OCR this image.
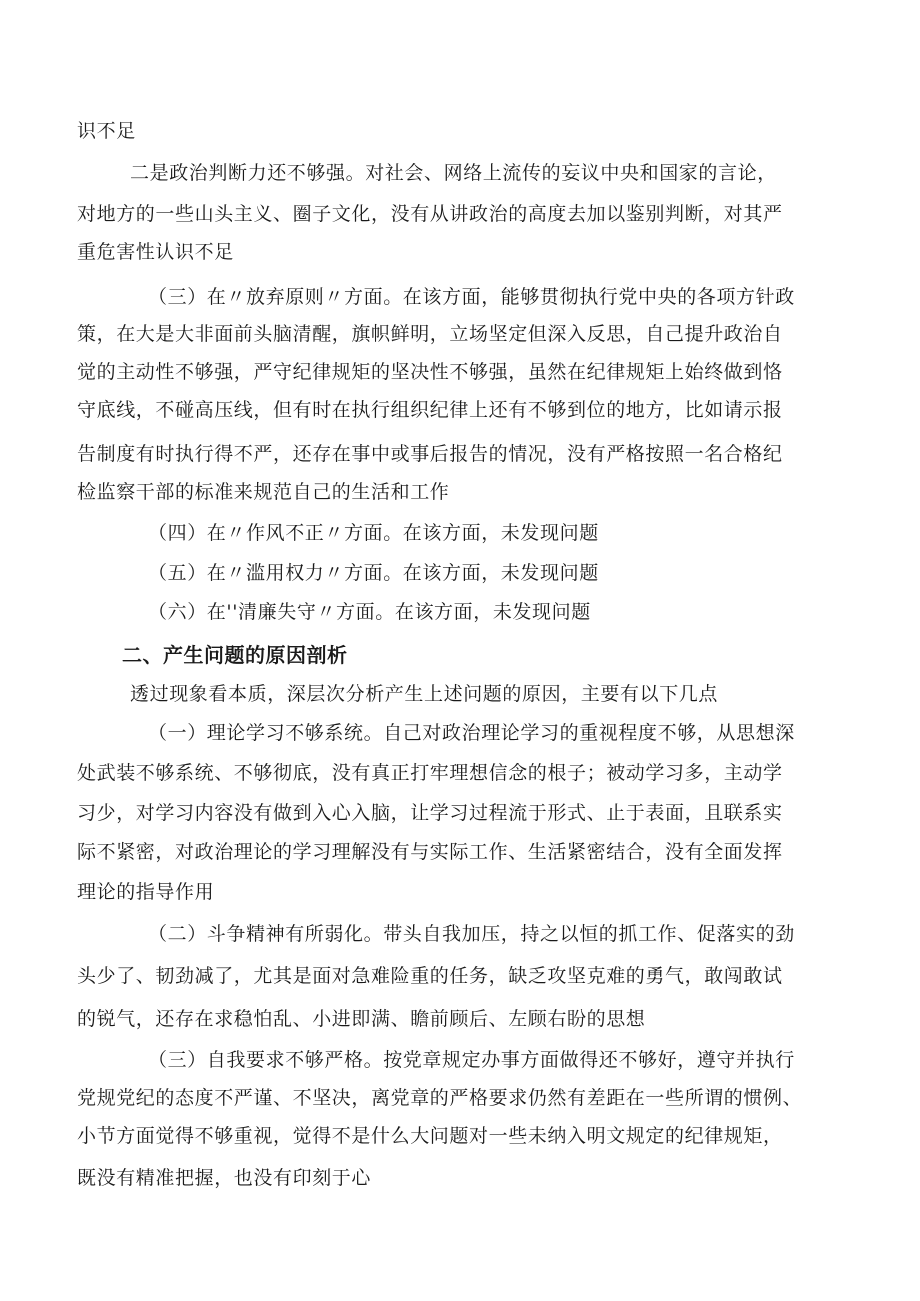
识不足
二是政治判断力还不够强。对社会、网络上流传的妄议中央和国家的言论，
对地方的一些山头主义、圈子文化，没有从讲政治的高度去加以鉴别判断，对其严
重危害性认识不足
（三）在〃放弃原则〃方面。在该方面，能够贯彻执行党中央的各项方针政
策，在大是大非面前头脑清醒，旗帜鲜明，立场坚定但深入反思，自己提升政治自
觉的主动性不够强，严守纪律规矩的坚决性不够强，虽然在纪律规矩上始终做到恪
守底线，不碰高压线，但有时在执行组织纪律上还有不够到位的地方，比如请示报
告制度有时执行得不严，还存在事中或事后报告的情况，没有严格按照一名合格纪
检监察干部的标准来规范自己的生活和工作
（四）在〃作风不正〃方面。在该方面，未发现问题
（五）在〃滥用权力〃方面。在该方面，未发现问题
（六）在''清廉失守〃方面。在该方面，未发现问题
二、产生问题的原因剖析
透过现象看本质，深层次分析产生上述问题的原因，主要有以下几点
（一）理论学习不够系统。自己对政治理论学习的重视程度不够，从思想深
处武装不够系统、不够彻底，没有真正打牢理想信念的根子；被动学习多，主动学
习少，对学习内容没有做到入心入脑，让学习过程流于形式、止于表面，且联系实
际不紧密，对政治理论的学习理解没有与实际工作、生活紧密结合，没有全面发挥
理论的指导作用
（二）斗争精神有所弱化。带头自我加压，持之以恒的抓工作、促落实的劲
头少了、韧劲减了，尤其是面对急难险重的任务，缺乏攻坚克难的勇气，敢闯敢试
的锐气，还存在求稳怕乱、小进即满、瞻前顾后、左顾右盼的思想
（三）自我要求不够严格。按党章规定办事方面做得还不够好，遵守并执行
党规党纪的态度不严谨、不坚决，离党章的严格要求仍然有差距在一些所谓的惯例、
小节方面觉得不够重视，觉得不是什么大问题对一些未纳入明文规定的纪律规矩，
既没有精准把握，也没有印刻于心
